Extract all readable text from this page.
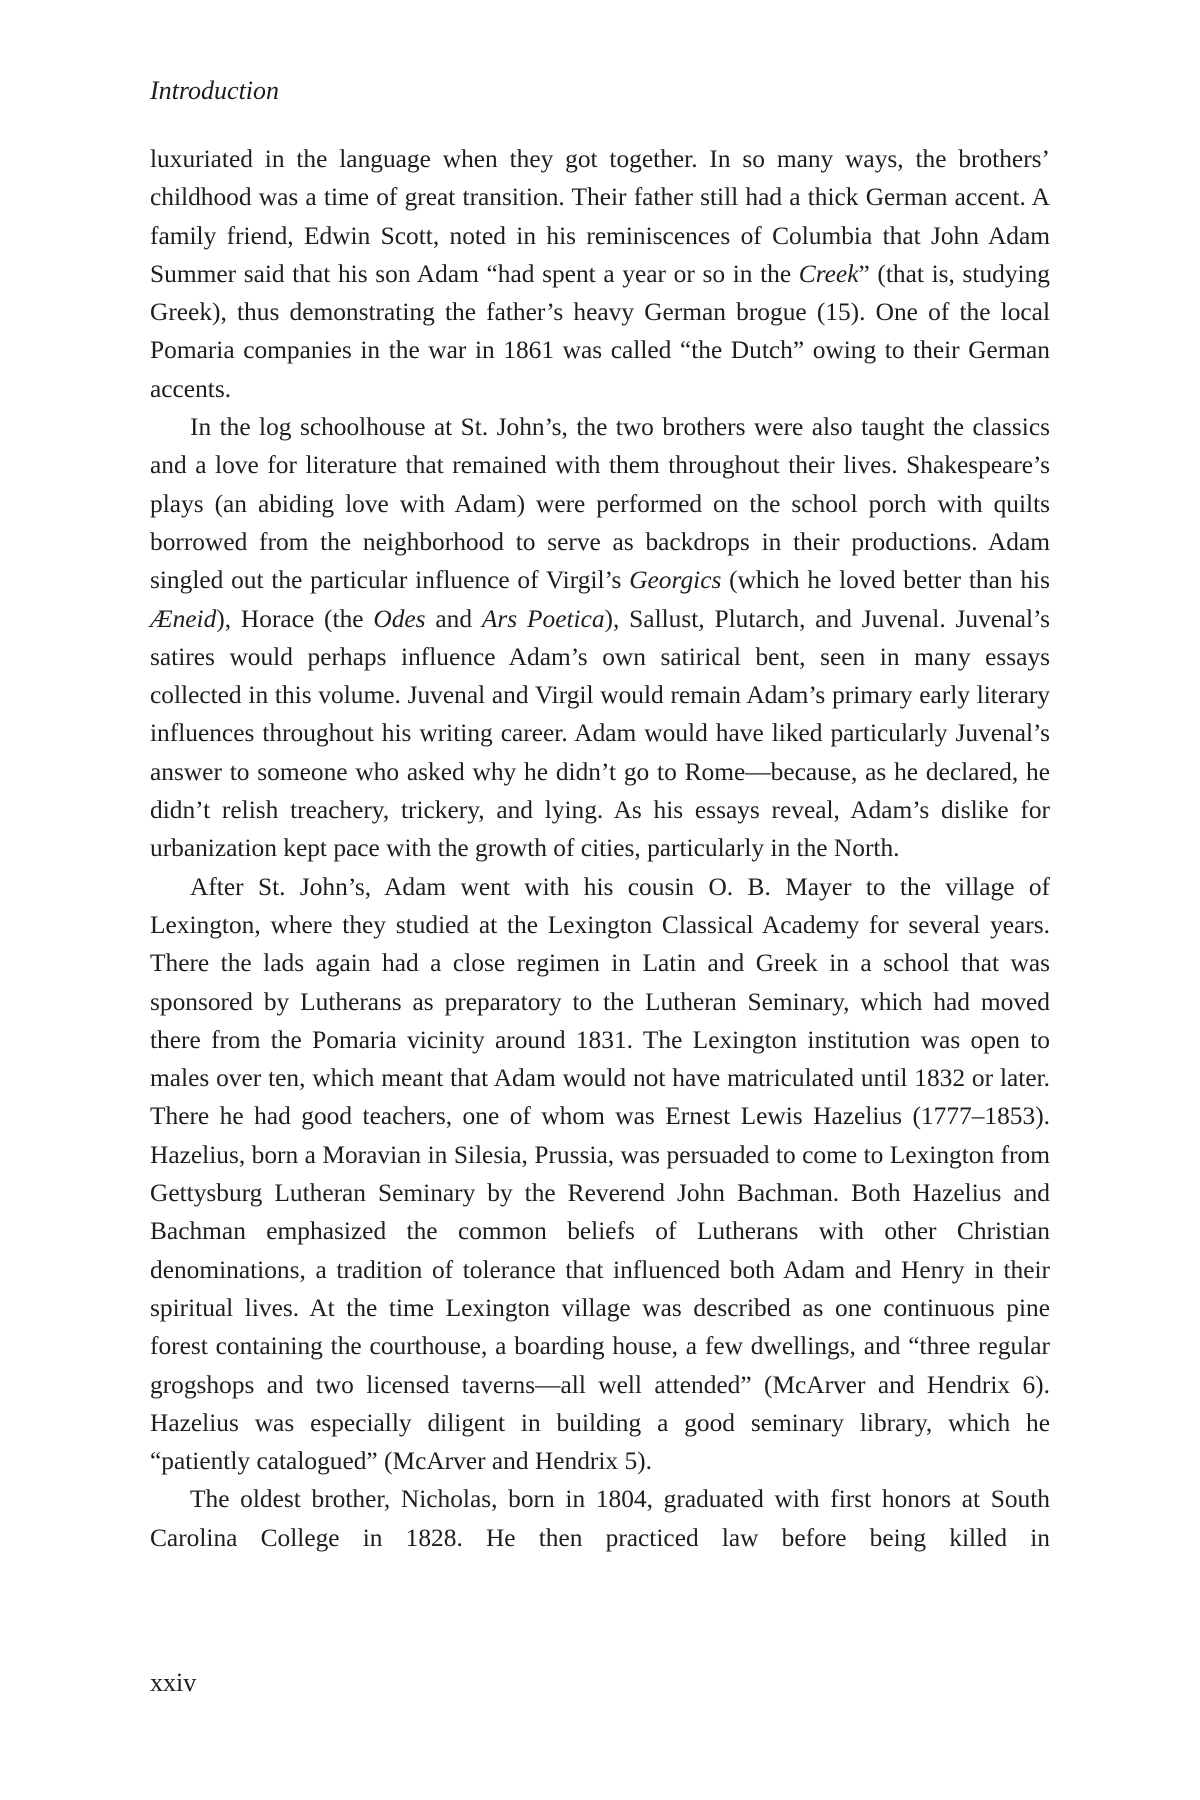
Introduction

luxuriated in the language when they got together. In so many ways, the brothers’ childhood was a time of great transition. Their father still had a thick German accent. A family friend, Edwin Scott, noted in his reminiscences of Columbia that John Adam Summer said that his son Adam “had spent a year or so in the Creek” (that is, studying Greek), thus demonstrating the father’s heavy German brogue (15). One of the local Pomaria companies in the war in 1861 was called “the Dutch” owing to their German accents.

In the log schoolhouse at St. John’s, the two brothers were also taught the classics and a love for literature that remained with them throughout their lives. Shakespeare’s plays (an abiding love with Adam) were performed on the school porch with quilts borrowed from the neighborhood to serve as backdrops in their productions. Adam singled out the particular influence of Virgil’s Georgics (which he loved better than his Æneid), Horace (the Odes and Ars Poetica), Sallust, Plutarch, and Juvenal. Juvenal’s satires would perhaps influence Adam’s own satirical bent, seen in many essays collected in this volume. Juvenal and Virgil would remain Adam’s primary early literary influences throughout his writing career. Adam would have liked particularly Juvenal’s answer to someone who asked why he didn’t go to Rome—because, as he declared, he didn’t relish treachery, trickery, and lying. As his essays reveal, Adam’s dislike for urbanization kept pace with the growth of cities, particularly in the North.

After St. John’s, Adam went with his cousin O. B. Mayer to the village of Lexington, where they studied at the Lexington Classical Academy for several years. There the lads again had a close regimen in Latin and Greek in a school that was sponsored by Lutherans as preparatory to the Lutheran Seminary, which had moved there from the Pomaria vicinity around 1831. The Lexington institution was open to males over ten, which meant that Adam would not have matriculated until 1832 or later. There he had good teachers, one of whom was Ernest Lewis Hazelius (1777–1853). Hazelius, born a Moravian in Silesia, Prussia, was persuaded to come to Lexington from Gettysburg Lutheran Seminary by the Reverend John Bachman. Both Hazelius and Bachman emphasized the common beliefs of Lutherans with other Christian denominations, a tradition of tolerance that influenced both Adam and Henry in their spiritual lives. At the time Lexington village was described as one continuous pine forest containing the courthouse, a boarding house, a few dwellings, and “three regular grogshops and two licensed taverns—all well attended” (McArver and Hendrix 6). Hazelius was especially diligent in building a good seminary library, which he “patiently catalogued” (McArver and Hendrix 5).

The oldest brother, Nicholas, born in 1804, graduated with first honors at South Carolina College in 1828. He then practiced law before being killed in

xxiv
